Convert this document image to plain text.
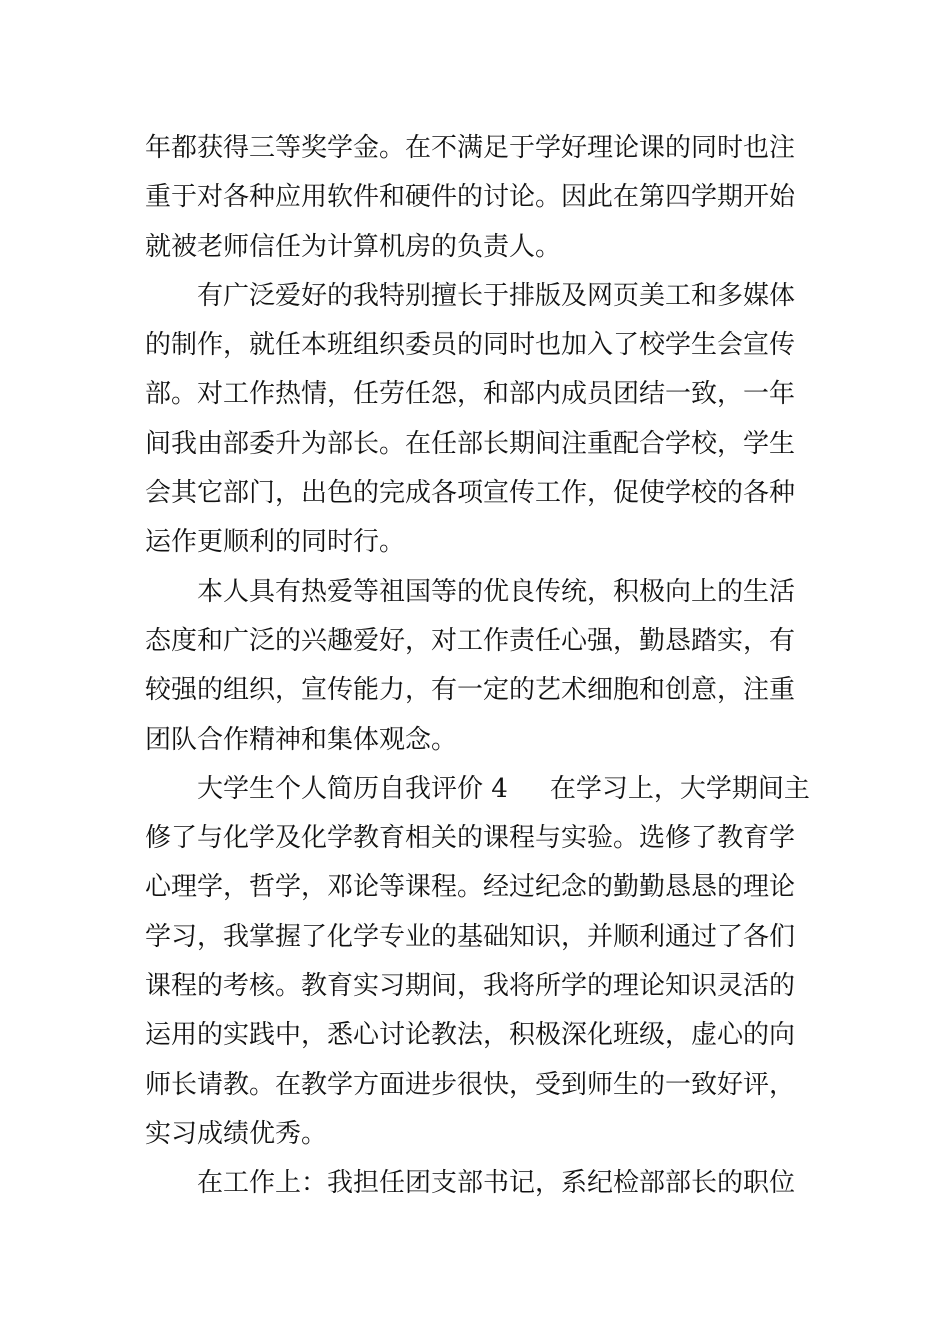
年都获得三等奖学金。在不满足于学好理论课的同时也注
重于对各种应用软件和硬件的讨论。因此在第四学期开始
就被老师信任为计算机房的负责人。
有广泛爱好的我特别擅长于排版及网页美工和多媒体
的制作，就任本班组织委员的同时也加入了校学生会宣传
部。对工作热情，任劳任怨，和部内成员团结一致，一年
间我由部委升为部长。在任部长期间注重配合学校，学生
会其它部门，出色的完成各项宣传工作，促使学校的各种
运作更顺利的同时行。
本人具有热爱等祖国等的优良传统，积极向上的生活
态度和广泛的兴趣爱好，对工作责任心强，勤恳踏实，有
较强的组织，宣传能力，有一定的艺术细胞和创意，注重
团队合作精神和集体观念。
大学生个人简历自我评价 4 在学习上，大学期间主
修了与化学及化学教育相关的课程与实验。选修了教育学
心理学，哲学，邓论等课程。经过纪念的勤勤恳恳的理论
学习，我掌握了化学专业的基础知识，并顺利通过了各们
课程的考核。教育实习期间，我将所学的理论知识灵活的
运用的实践中，悉心讨论教法，积极深化班级，虚心的向
师长请教。在教学方面进步很快，受到师生的一致好评，
实习成绩优秀。
在工作上：我担任团支部书记，系纪检部部长的职位
